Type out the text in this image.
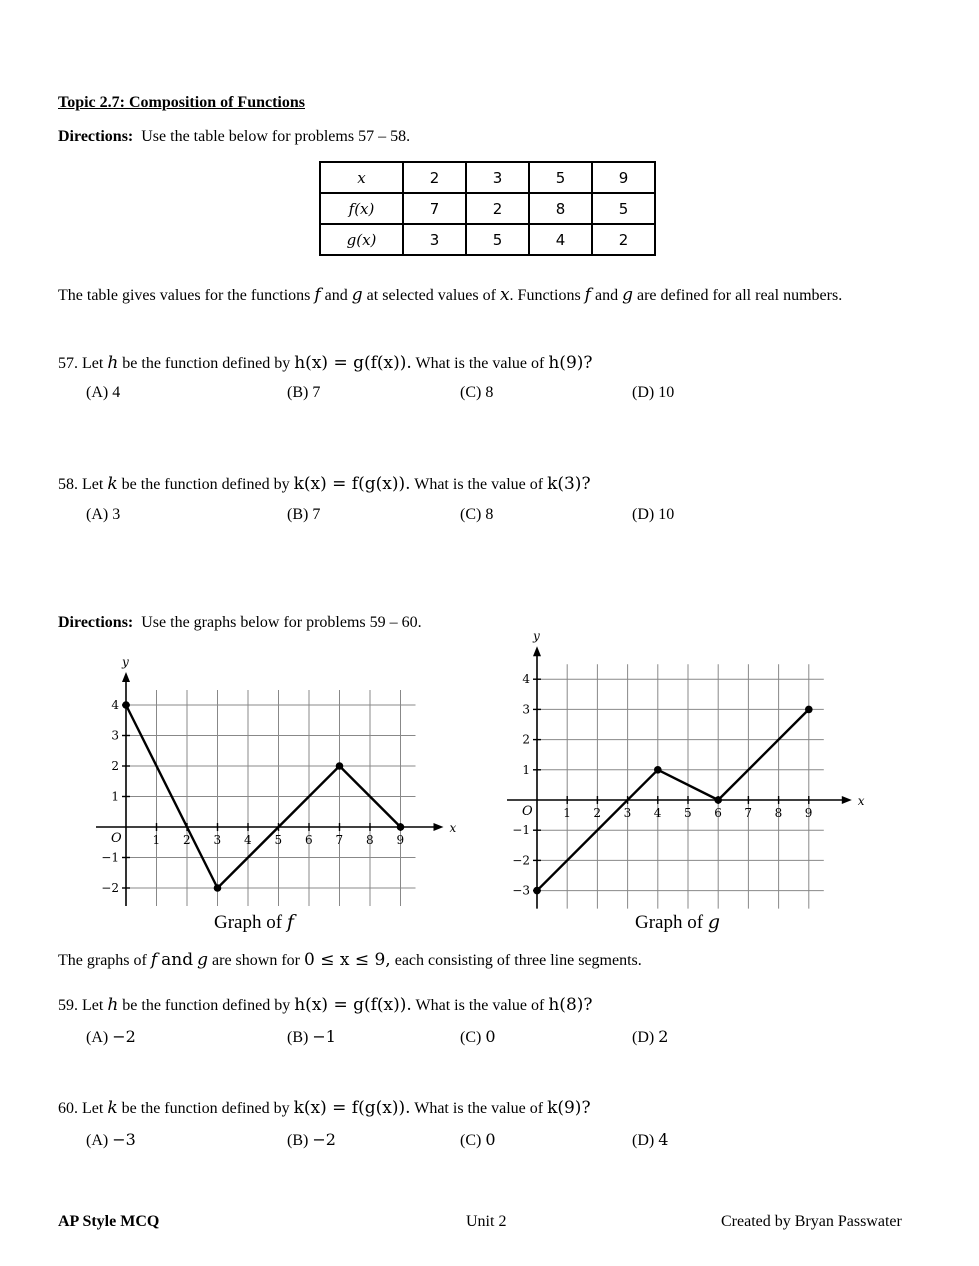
Topic 2.7: Composition of Functions
Directions: Use the table below for problems 57 – 58.
x	2	3	5	9
f(x)	7	2	8	5
g(x)	3	5	4	2
The table gives values for the functions f and g at selected values of x. Functions f and g are defined for all real numbers.
57. Let h be the function defined by h(x) = g(f(x)). What is the value of h(9)?
(A) 4	(B) 7	(C) 8	(D) 10
58. Let k be the function defined by k(x) = f(g(x)). What is the value of k(3)?
(A) 3	(B) 7	(C) 8	(D) 10
Directions: Use the graphs below for problems 59 – 60.
x
y
O	1 2 3 4 5 6 7 8 9
4
3
2
1
−1
−2
Graph of f
x
y
O	1 2 3 4 5 6 7 8 9
4
3
2
1
−1
−2
−3
Graph of g
The graphs of f and g are shown for 0 ≤ x ≤ 9, each consisting of three line segments.
59. Let h be the function defined by h(x) = g(f(x)). What is the value of h(8)?
(A) −2	(B) −1	(C) 0	(D) 2
60. Let k be the function defined by k(x) = f(g(x)). What is the value of k(9)?
(A) −3	(B) −2	(C) 0	(D) 4
AP Style MCQ	Unit 2	Created by Bryan Passwater
